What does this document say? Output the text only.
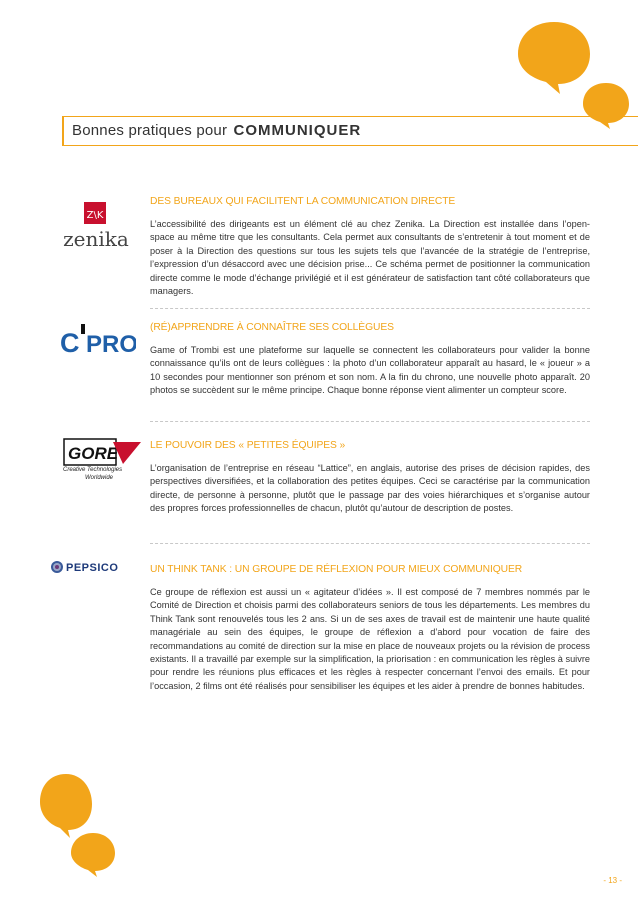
Bonnes pratiques pour COMMUNIQUER
Z\K
zenika
DES BUREAUX QUI FACILITENT LA COMMUNICATION DIRECTE

L’accessibilité des dirigeants est un élément clé au chez Zenika. La Direction est installée dans l’open-space au même titre que les consultants. Cela permet aux consultants de s’entretenir à tout moment et de poser à la Direction des questions sur tous les sujets tels que l’avancée de la stratégie de l’entreprise, l’expression d’un désaccord avec une décision prise... Ce schéma permet de positionner la communication directe comme le mode d’échange privilégié et il est générateur de satisfaction tant côté collaborateurs que managers.

C PRO
(RÉ)APPRENDRE À CONNAÎTRE SES COLLÈGUES

Game of Trombi est une plateforme sur laquelle se connectent les collaborateurs pour valider la bonne connaissance qu’ils ont de leurs collègues : la photo d’un collaborateur apparaît au hasard, le « joueur » a 10 secondes pour mentionner son prénom et son nom. A la fin du chrono, une nouvelle photo apparaît. 20 photos se succèdent sur le même principe. Chaque bonne réponse vient alimenter un compteur score.

GORE
Creative Technologies
Worldwide
LE POUVOIR DES « PETITES ÉQUIPES »

L’organisation de l’entreprise en réseau “Lattice”, en anglais, autorise des prises de décision rapides, des perspectives diversifiées, et la collaboration des petites équipes. Ceci se caractérise par la communication directe, de personne à personne, plutôt que le passage par des voies hiérarchiques et s’organise autour des propres forces professionnelles de chacun, plutôt qu’autour de description de postes.

PEPSICO	UN THINK TANK : UN GROUPE DE RÉFLEXION POUR MIEUX COMMUNIQUER

Ce groupe de réflexion est aussi un « agitateur d’idées ». Il est composé de 7 membres nommés par le Comité de Direction et choisis parmi des collaborateurs seniors de tous les départements. Les membres du Think Tank sont renouvelés tous les 2 ans. Si un de ses axes de travail est de maintenir une haute qualité managériale au sein des équipes, le groupe de réflexion a d’abord pour vocation de faire des recommandations au comité de direction sur la mise en place de nouveaux projets ou la révision de process existants. Il a travaillé par exemple sur la simplification, la priorisation : en communication les règles à suivre pour rendre les réunions plus efficaces et les règles à respecter concernant l’envoi des emails. Et pour l’occasion, 2 films ont été réalisés pour sensibiliser les équipes et les aider à prendre de bonnes habitudes.

- 13 -
